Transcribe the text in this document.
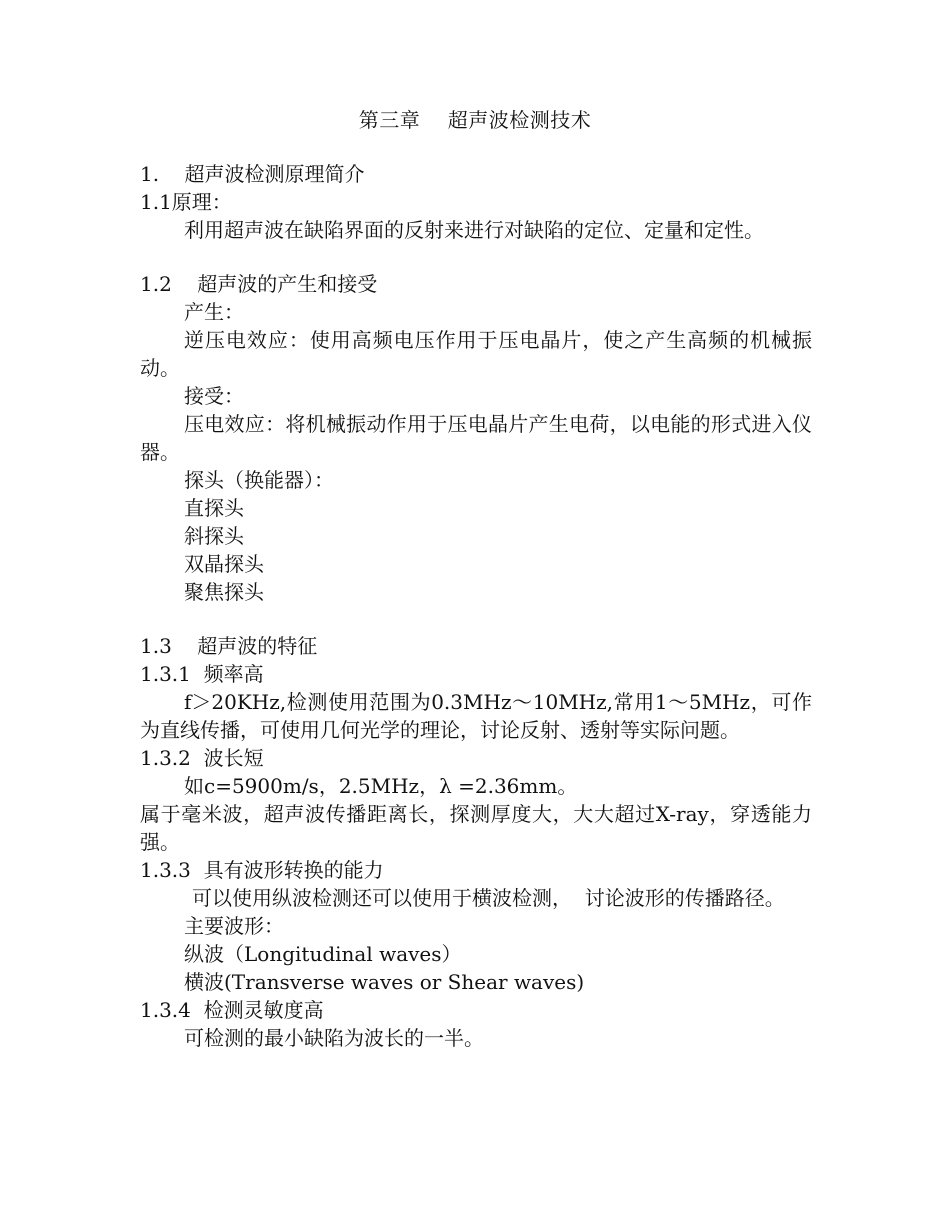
第三章    超声波检测技术
1.    超声波检测原理简介
1.1原理：
利用超声波在缺陷界面的反射来进行对缺陷的定位、定量和定性。
1.2    超声波的产生和接受
产生：
逆压电效应：使用高频电压作用于压电晶片，使之产生高频的机械振动。
接受：
压电效应：将机械振动作用于压电晶片产生电荷，以电能的形式进入仪器。
探头（换能器）：
直探头
斜探头
双晶探头
聚焦探头
1.3    超声波的特征
1.3.1  频率高
f＞20KHz,检测使用范围为0.3MHz～10MHz,常用1～5MHz，可作为直线传播，可使用几何光学的理论，讨论反射、透射等实际问题。
1.3.2  波长短
如c=5900m/s，2.5MHz，λ =2.36mm。
属于毫米波，超声波传播距离长，探测厚度大，大大超过X-ray，穿透能力强。
1.3.3  具有波形转换的能力
可以使用纵波检测还可以使用于横波检测，  讨论波形的传播路径。
主要波形：
纵波（Longitudinal waves）
横波(Transverse waves or Shear waves)
1.3.4  检测灵敏度高
可检测的最小缺陷为波长的一半。
